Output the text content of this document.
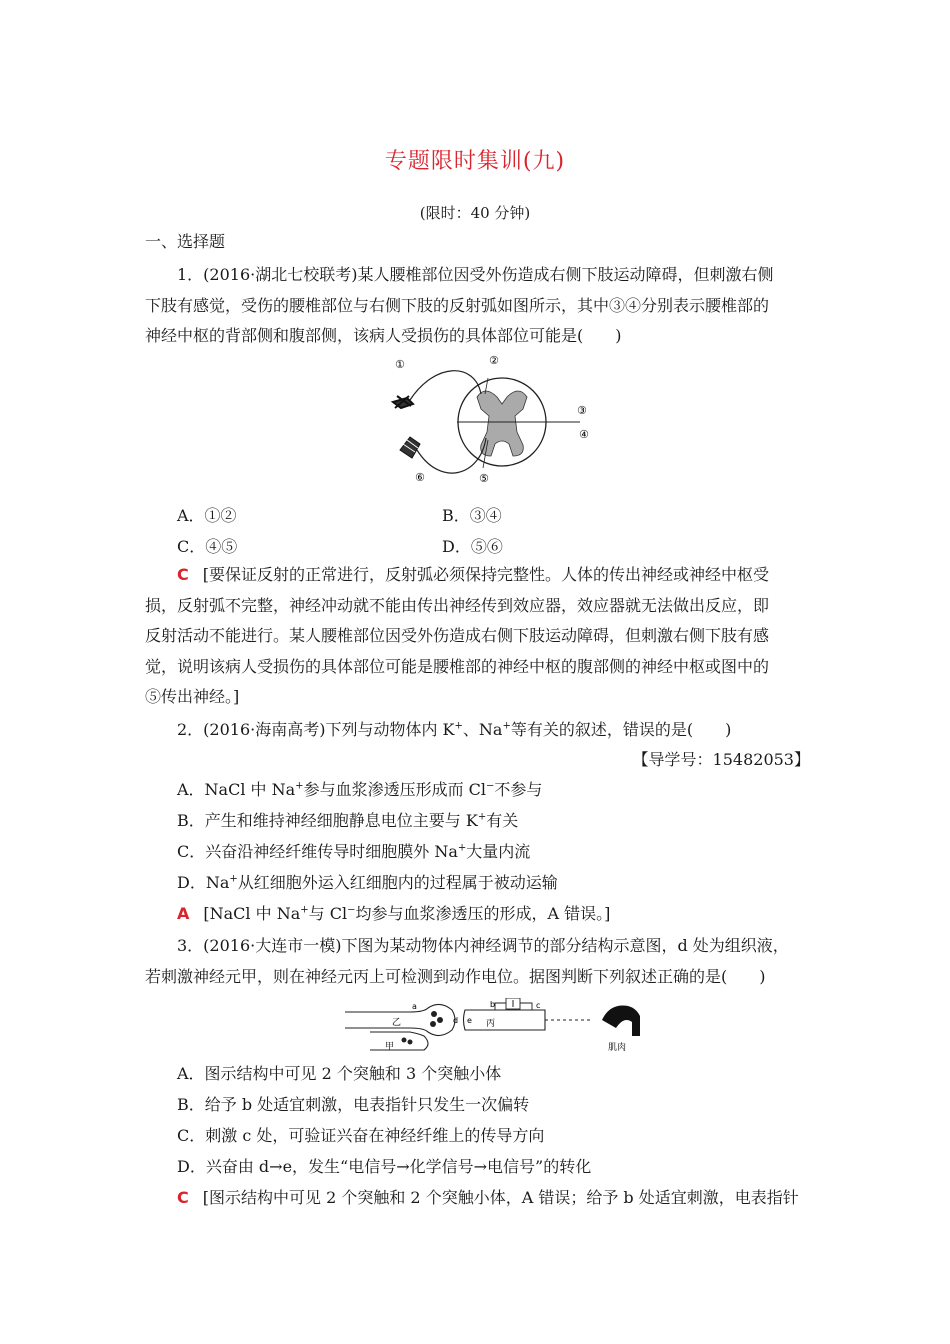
专题限时集训(九)
(限时：40 分钟)
一、选择题
1．(2016·湖北七校联考)某人腰椎部位因受外伤造成右侧下肢运动障碍，但刺激右侧
下肢有感觉，受伤的腰椎部位与右侧下肢的反射弧如图所示，其中③④分别表示腰椎部的
神经中枢的背部侧和腹部侧，该病人受损伤的具体部位可能是(　　)
①	②
③
④
⑤
⑥
A．①②	B．③④
C．④⑤	D．⑤⑥
C [要保证反射的正常进行，反射弧必须保持完整性。人体的传出神经或神经中枢受
损，反射弧不完整，神经冲动就不能由传出神经传到效应器，效应器就无法做出反应，即
反射活动不能进行。某人腰椎部位因受外伤造成右侧下肢运动障碍，但刺激右侧下肢有感
觉，说明该病人受损伤的具体部位可能是腰椎部的神经中枢的腹部侧的神经中枢或图中的
⑤传出神经。]
2．(2016·海南高考)下列与动物体内 K+、Na+等有关的叙述，错误的是(　　)
【导学号：15482053】
A．NaCl 中 Na+参与血浆渗透压形成而 Cl−不参与
B．产生和维持神经细胞静息电位主要与 K+有关
C．兴奋沿神经纤维传导时细胞膜外 Na+大量内流
D．Na+从红细胞外运入红细胞内的过程属于被动运输
A [NaCl 中 Na+与 Cl−均参与血浆渗透压的形成，A 错误。]
3．(2016·大连市一模)下图为某动物体内神经调节的部分结构示意图，d 处为组织液，
若刺激神经元甲，则在神经元丙上可检测到动作电位。据图判断下列叙述正确的是(　　)
a	b	c
d e
乙
甲
丙
肌肉
A．图示结构中可见 2 个突触和 3 个突触小体
B．给予 b 处适宜刺激，电表指针只发生一次偏转
C．刺激 c 处，可验证兴奋在神经纤维上的传导方向
D．兴奋由 d→e，发生“电信号→化学信号→电信号”的转化
C [图示结构中可见 2 个突触和 2 个突触小体，A 错误；给予 b 处适宜刺激，电表指针
